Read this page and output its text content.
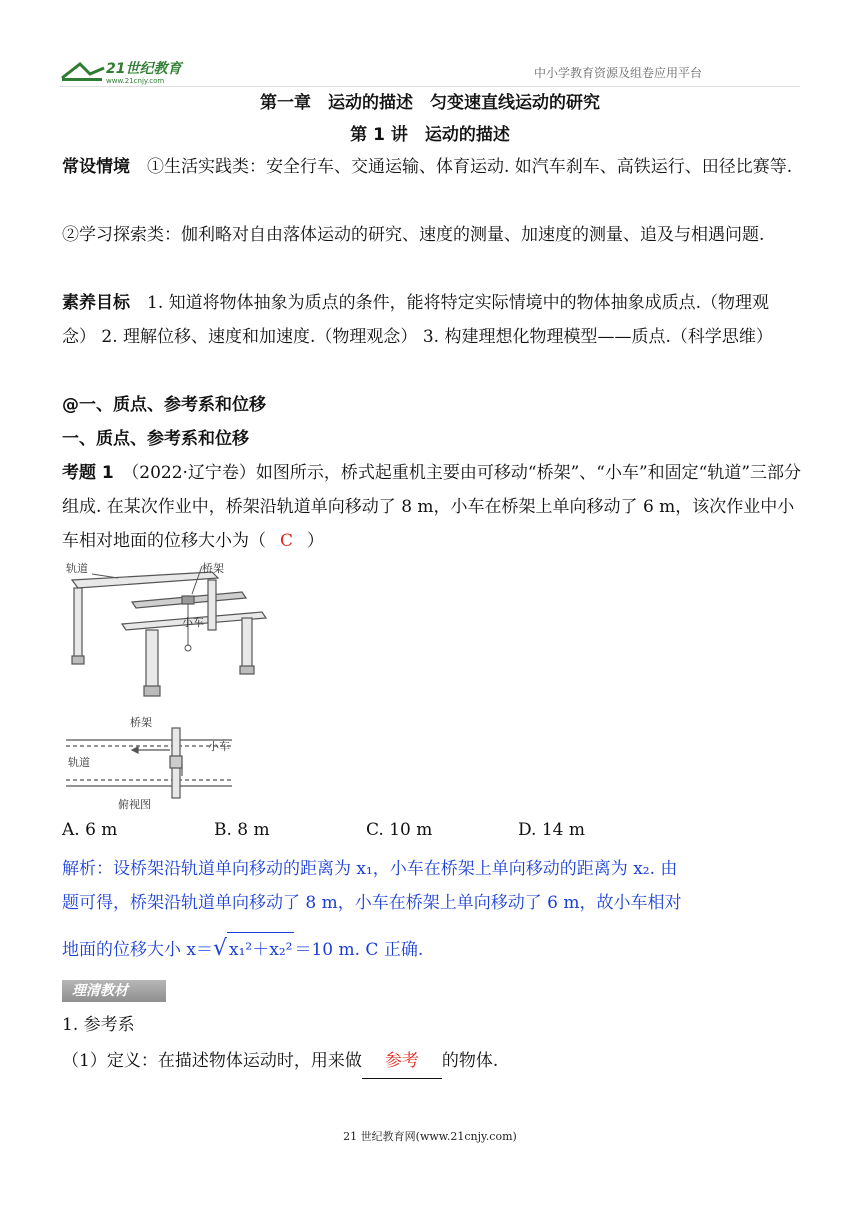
21世纪教育
www.21cnjy.com
中小学教育资源及组卷应用平台
第一章　运动的描述　匀变速直线运动的研究
第 1 讲　运动的描述
常设情境　①生活实践类：安全行车、交通运输、体育运动. 如汽车刹车、高铁运行、田径比赛等.
②学习探索类：伽利略对自由落体运动的研究、速度的测量、加速度的测量、追及与相遇问题.
素养目标　1. 知道将物体抽象为质点的条件，能将特定实际情境中的物体抽象成质点.（物理观念） 2. 理解位移、速度和加速度.（物理观念） 3. 构建理想化物理模型——质点.（科学思维）
@一、质点、参考系和位移
一、质点、参考系和位移
考题 1　（2022·辽宁卷）如图所示，桥式起重机主要由可移动“桥架”、“小车”和固定“轨道”三部分组成. 在某次作业中，桥架沿轨道单向移动了 8 m，小车在桥架上单向移动了 6 m，该次作业中小车相对地面的位移大小为（ C ）
轨道	桥架
小车
桥架
小车
轨道
俯视图
A. 6 m	B. 8 m	C. 10 m	D. 14 m
解析：设桥架沿轨道单向移动的距离为 x₁，小车在桥架上单向移动的距离为 x₂. 由
题可得，桥架沿轨道单向移动了 8 m，小车在桥架上单向移动了 6 m，故小车相对
地面的位移大小 x＝√ x₁²＋x₂² ＝10 m. C 正确.
理清教材
1. 参考系
（1）定义：在描述物体运动时，用来做 参考 的物体.
21 世纪教育网(www.21cnjy.com)
